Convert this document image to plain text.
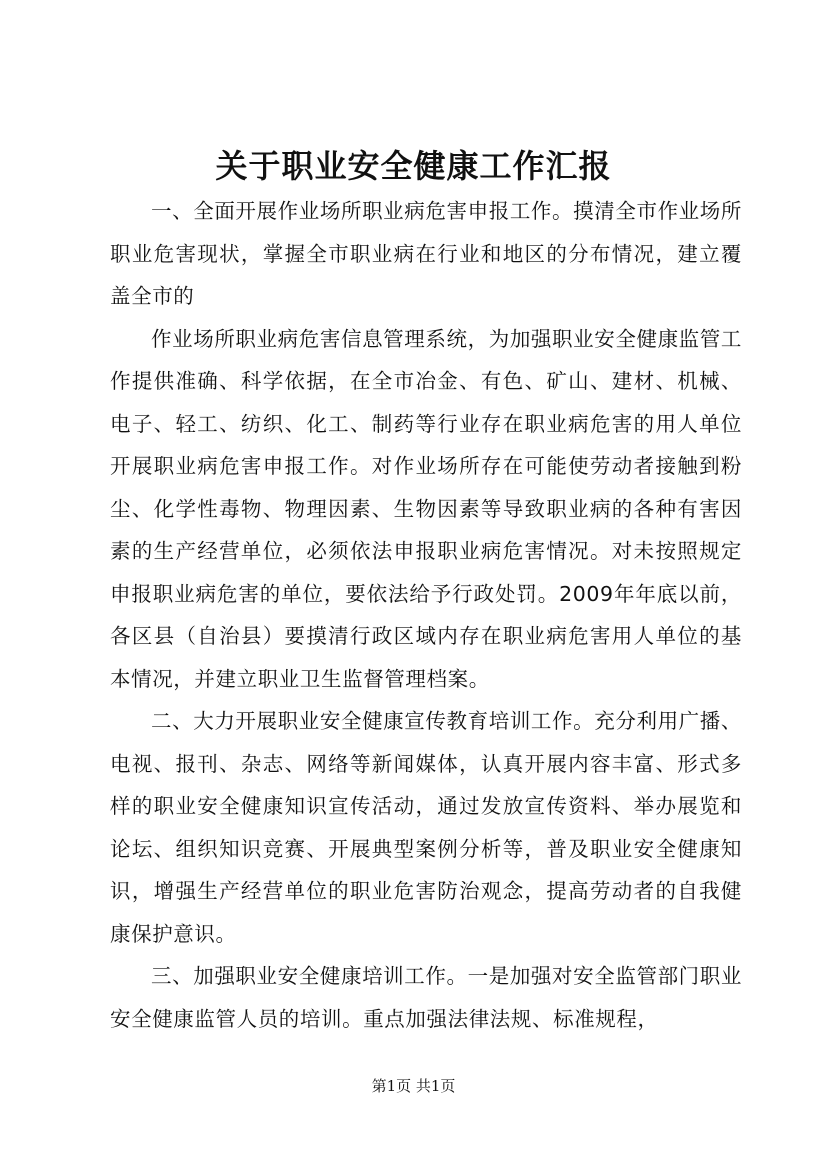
关于职业安全健康工作汇报

一、全面开展作业场所职业病危害申报工作。摸清全市作业场所职业危害现状，掌握全市职业病在行业和地区的分布情况，建立覆盖全市的

作业场所职业病危害信息管理系统，为加强职业安全健康监管工作提供准确、科学依据，在全市冶金、有色、矿山、建材、机械、电子、轻工、纺织、化工、制药等行业存在职业病危害的用人单位开展职业病危害申报工作。对作业场所存在可能使劳动者接触到粉尘、化学性毒物、物理因素、生物因素等导致职业病的各种有害因素的生产经营单位，必须依法申报职业病危害情况。对未按照规定申报职业病危害的单位，要依法给予行政处罚。2009年年底以前，各区县（自治县）要摸清行政区域内存在职业病危害用人单位的基本情况，并建立职业卫生监督管理档案。

二、大力开展职业安全健康宣传教育培训工作。充分利用广播、电视、报刊、杂志、网络等新闻媒体，认真开展内容丰富、形式多样的职业安全健康知识宣传活动，通过发放宣传资料、举办展览和论坛、组织知识竞赛、开展典型案例分析等，普及职业安全健康知识，增强生产经营单位的职业危害防治观念，提高劳动者的自我健康保护意识。

三、加强职业安全健康培训工作。一是加强对安全监管部门职业安全健康监管人员的培训。重点加强法律法规、标准规程，

第1页 共1页
